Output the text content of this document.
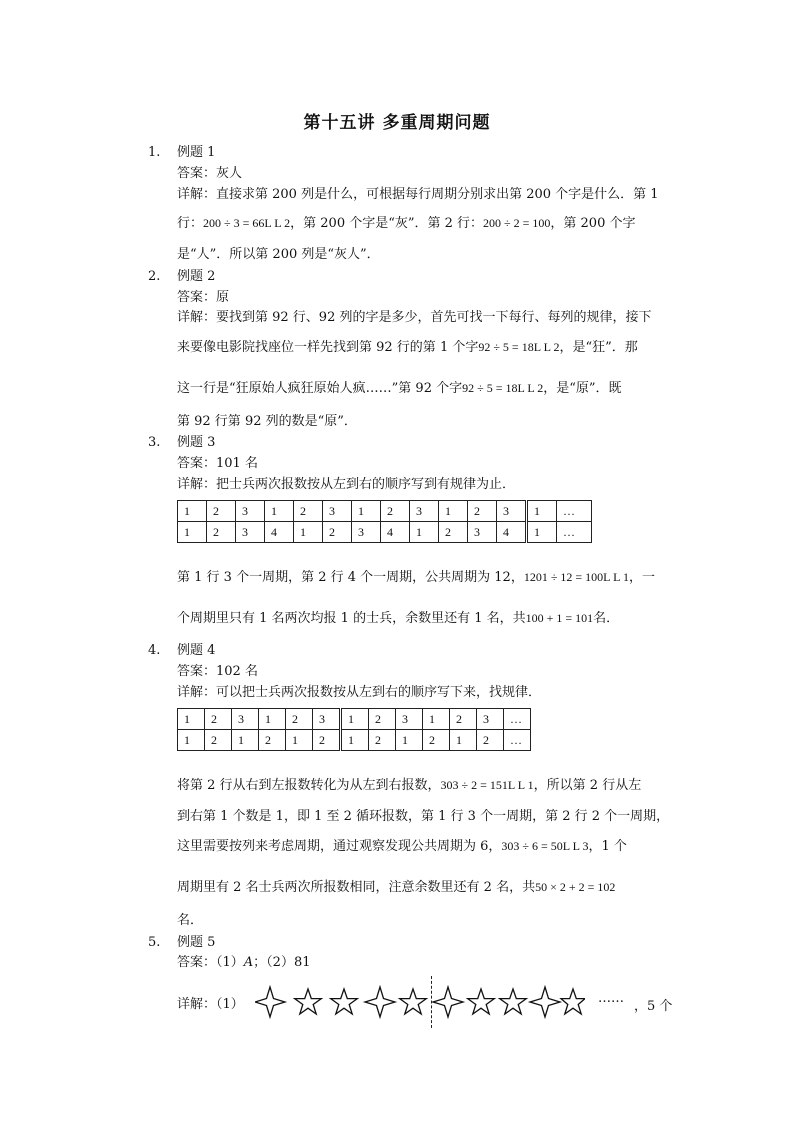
第十五讲 多重周期问题
1. 例题 1
答案：灰人
详解：直接求第 200 列是什么，可根据每行周期分别求出第 200 个字是什么．第 1
行：200 ÷ 3 = 66L L 2，第 200 个字是“灰”．第 2 行：200 ÷ 2 = 100，第 200 个字
是“人”．所以第 200 列是“灰人”．
2. 例题 2
答案：原
详解：要找到第 92 行、92 列的字是多少，首先可找一下每行、每列的规律，接下
来要像电影院找座位一样先找到第 92 行的第 1 个字92 ÷ 5 = 18L L 2，是“狂”．那
这一行是“狂原始人疯狂原始人疯……”第 92 个字92 ÷ 5 = 18L L 2，是“原”．既
第 92 行第 92 列的数是“原”．
3. 例题 3
答案：101 名
详解：把士兵两次报数按从左到右的顺序写到有规律为止．
1	2	3	1	2	3	1	2	3	1	2	3	1	…
1	2	3	4	1	2	3	4	1	2	3	4	1	…
第 1 行 3 个一周期，第 2 行 4 个一周期，公共周期为 12，1201 ÷ 12 = 100L L 1，一
个周期里只有 1 名两次均报 1 的士兵，余数里还有 1 名，共100 + 1 = 101名．
4. 例题 4
答案：102 名
详解：可以把士兵两次报数按从左到右的顺序写下来，找规律．
1	2	3	1	2	3	1	2	3	1	2	3	…
1	2	1	2	1	2	1	2	1	2	1	2	…
将第 2 行从右到左报数转化为从左到右报数，303 ÷ 2 = 151L L 1，所以第 2 行从左
到右第 1 个数是 1，即 1 至 2 循环报数，第 1 行 3 个一周期，第 2 行 2 个一周期，
这里需要按列来考虑周期，通过观察发现公共周期为 6，303 ÷ 6 = 50L L 3，1 个
周期里有 2 名士兵两次所报数相同，注意余数里还有 2 名，共50 × 2 + 2 = 102
名．
5. 例题 5
答案：（1）A；（2）81
详解：（1）	……
，5 个
